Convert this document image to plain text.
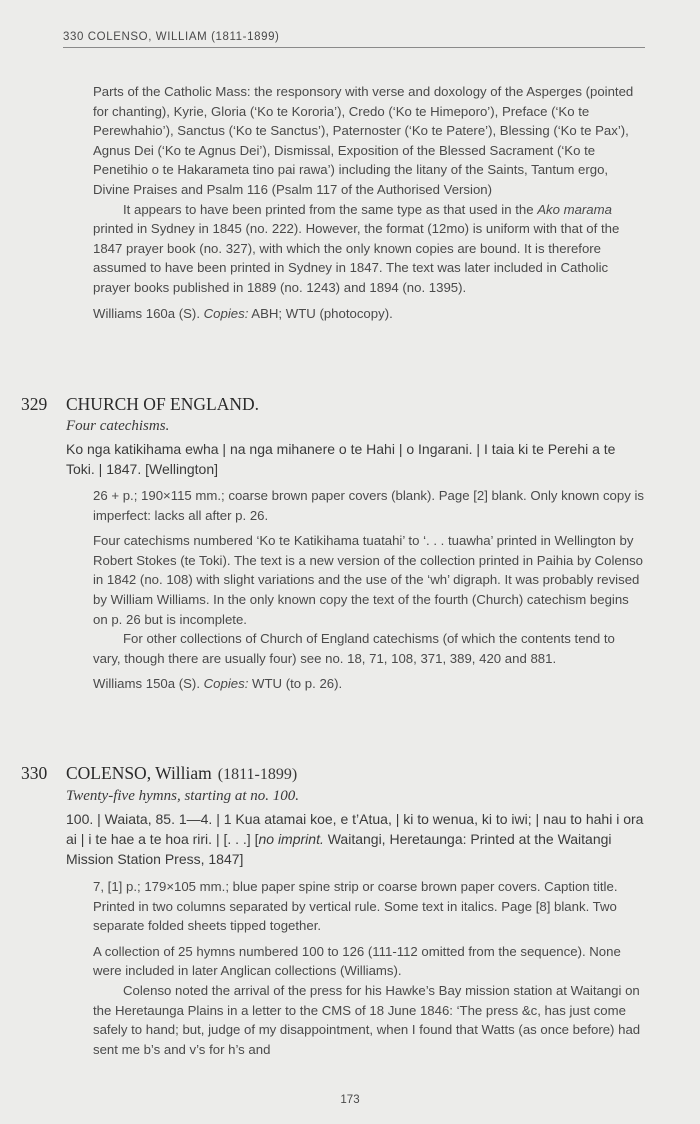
330 COLENSO, WILLIAM (1811-1899)

Parts of the Catholic Mass: the responsory with verse and doxology of the Asperges (pointed for chanting), Kyrie, Gloria (‘Ko te Kororia’), Credo (‘Ko te Himeporo’), Preface (‘Ko te Perewhahio’), Sanctus (‘Ko te Sanctus’), Paternoster (‘Ko te Patere’), Blessing (‘Ko te Pax’), Agnus Dei (‘Ko te Agnus Dei’), Dismissal, Exposition of the Blessed Sacrament (‘Ko te Penetihio o te Hakarameta tino pai rawa’) including the litany of the Saints, Tantum ergo, Divine Praises and Psalm 116 (Psalm 117 of the Authorised Version)

It appears to have been printed from the same type as that used in the Ako marama printed in Sydney in 1845 (no. 222). However, the format (12mo) is uniform with that of the 1847 prayer book (no. 327), with which the only known copies are bound. It is therefore assumed to have been printed in Sydney in 1847. The text was later included in Catholic prayer books published in 1889 (no. 1243) and 1894 (no. 1395).

Williams 160a (S). Copies: ABH; WTU (photocopy).

329 CHURCH OF ENGLAND.
Four catechisms.

Ko nga katikihama ewha | na nga mihanere o te Hahi | o Ingarani. | I taia ki te Perehi a te Toki. | 1847. [Wellington]

26 + p.; 190×115 mm.; coarse brown paper covers (blank). Page [2] blank. Only known copy is imperfect: lacks all after p. 26.

Four catechisms numbered ‘Ko te Katikihama tuatahi’ to ‘. . . tuawha’ printed in Wellington by Robert Stokes (te Toki). The text is a new version of the collection printed in Paihia by Colenso in 1842 (no. 108) with slight variations and the use of the ‘wh’ digraph. It was probably revised by William Williams. In the only known copy the text of the fourth (Church) catechism begins on p. 26 but is incomplete.

For other collections of Church of England catechisms (of which the contents tend to vary, though there are usually four) see no. 18, 71, 108, 371, 389, 420 and 881.

Williams 150a (S). Copies: WTU (to p. 26).

330 COLENSO, William (1811-1899)
Twenty-five hymns, starting at no. 100.

100. | Waiata, 85. 1—4. | 1 Kua atamai koe, e t’Atua, | ki to wenua, ki to iwi; | nau to hahi i ora ai | i te hae a te hoa riri. | [. . .] [no imprint. Waitangi, Heretaunga: Printed at the Waitangi Mission Station Press, 1847]

7, [1] p.; 179×105 mm.; blue paper spine strip or coarse brown paper covers. Caption title. Printed in two columns separated by vertical rule. Some text in italics. Page [8] blank. Two separate folded sheets tipped together.

A collection of 25 hymns numbered 100 to 126 (111-112 omitted from the sequence). None were included in later Anglican collections (Williams).

Colenso noted the arrival of the press for his Hawke’s Bay mission station at Waitangi on the Heretaunga Plains in a letter to the CMS of 18 June 1846: ‘The press &c, has just come safely to hand; but, judge of my disappointment, when I found that Watts (as once before) had sent me b’s and v’s for h’s and

173
